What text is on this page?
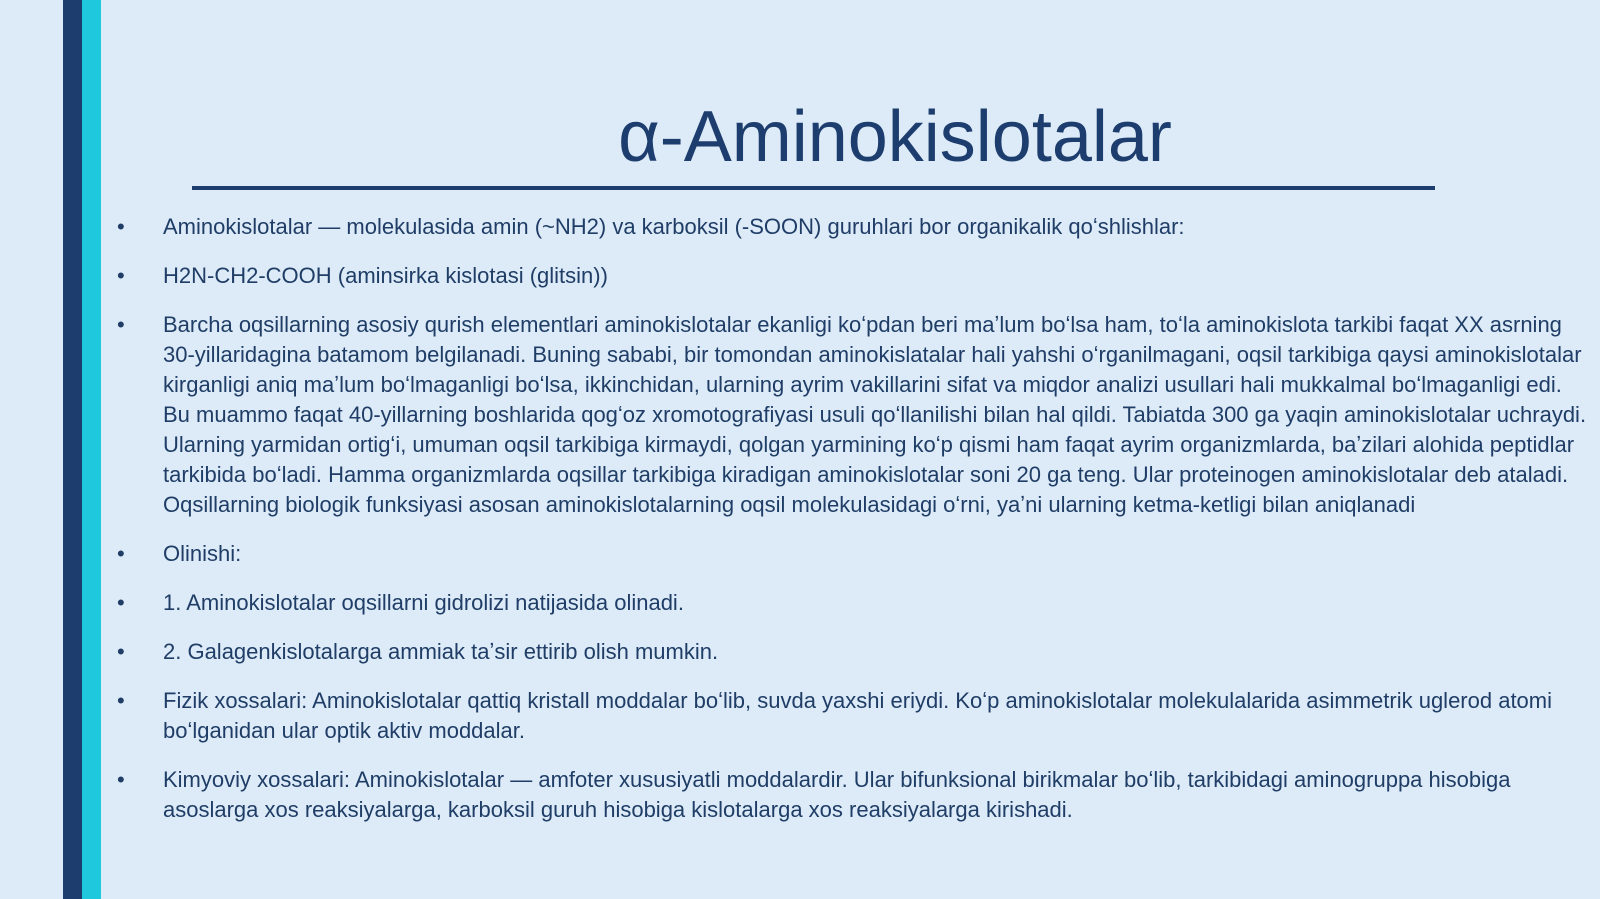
α-Aminokislotalar
•	Aminokislotalar — molekulasida amin (~NH2) va karboksil (-SOON) guruhlari bor organikalik qoʻshlishlar:
•	H2N-CH2-COOH (aminsirka kislotasi (glitsin))
•	Barcha oqsillarning asosiy qurish elementlari aminokislotalar ekanligi koʻpdan beri maʼlum boʻlsa ham, toʻla aminokislota tarkibi faqat XX asrning 30-yillaridagina batamom belgilanadi. Buning sababi, bir tomondan aminokislatalar hali yahshi oʻrganilmagani, oqsil tarkibiga qaysi aminokislotalar kirganligi aniq maʼlum boʻlmaganligi boʻlsa, ikkinchidan, ularning ayrim vakillarini sifat va miqdor analizi usullari hali mukkalmal boʻlmaganligi edi. Bu muammo faqat 40-yillarning boshlarida qogʻoz xromotografiyasi usuli qoʻllanilishi bilan hal qildi. Tabiatda 300 ga yaqin aminokislotalar uchraydi. Ularning yarmidan ortigʻi, umuman oqsil tarkibiga kirmaydi, qolgan yarmining koʻp qismi ham faqat ayrim organizmlarda, baʼzilari alohida peptidlar tarkibida boʻladi. Hamma organizmlarda oqsillar tarkibiga kiradigan aminokislotalar soni 20 ga teng. Ular proteinogen aminokislotalar deb ataladi. Oqsillarning biologik funksiyasi asosan aminokislotalarning oqsil molekulasidagi oʻrni, yaʼni ularning ketma-ketligi bilan aniqlanadi
•	Olinishi:
•	1. Aminokislotalar oqsillarni gidrolizi natijasida olinadi.
•	2. Galagenkislotalarga ammiak taʼsir ettirib olish mumkin.
•	Fizik xossalari: Aminokislotalar qattiq kristall moddalar boʻlib, suvda yaxshi eriydi. Koʻp aminokislotalar molekulalarida asimmetrik uglerod atomi boʻlganidan ular optik aktiv moddalar.
•	Kimyoviy xossalari: Aminokislotalar — amfoter xususiyatli moddalardir. Ular bifunksional birikmalar boʻlib, tarkibidagi aminogruppa hisobiga asoslarga xos reaksiyalarga, karboksil guruh hisobiga kislotalarga xos reaksiyalarga kirishadi.
